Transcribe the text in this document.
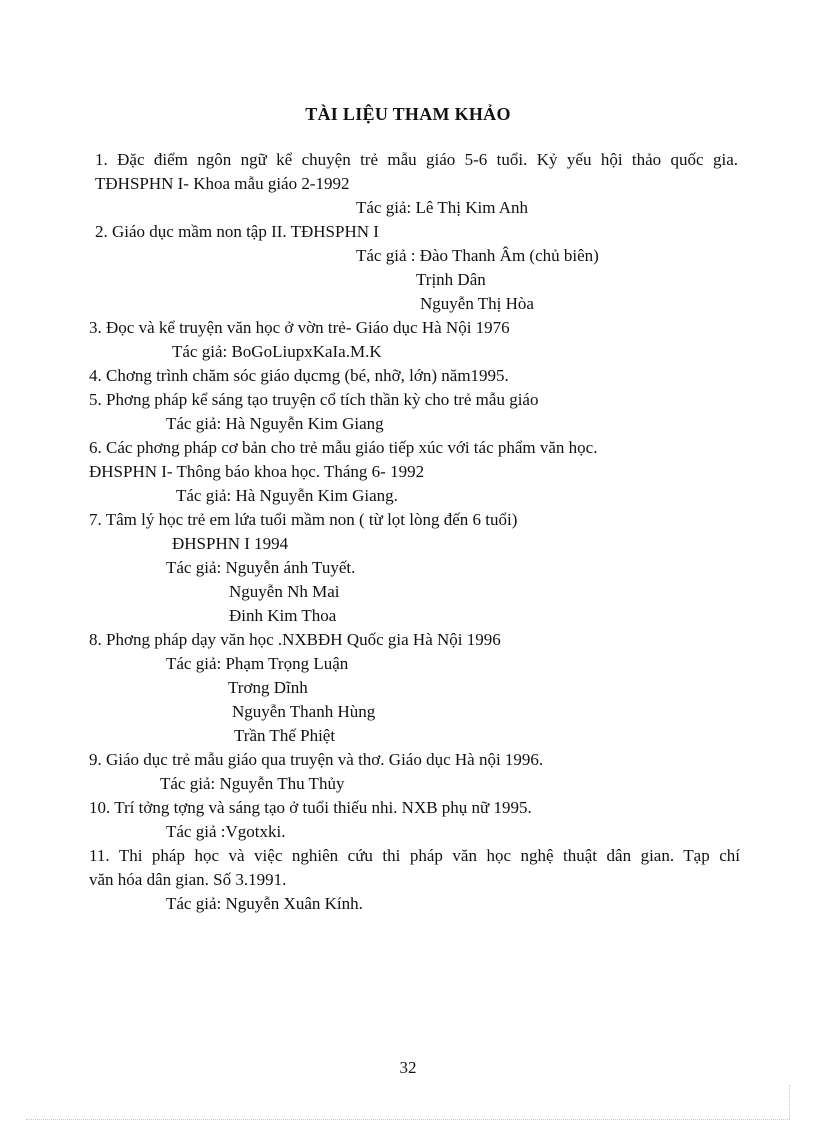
TÀI LIỆU THAM KHẢO
1. Đặc điểm ngôn ngữ kể chuyện trẻ mẫu giáo 5-6 tuổi. Kỷ yếu hội thảo quốc gia.
TĐHSPHN I- Khoa mẫu giáo 2-1992
Tác giả: Lê Thị Kim Anh
2. Giáo dục mầm non tập II. TĐHSPHN I
Tác giả : Đào Thanh Âm (chủ biên)
Trịnh Dân
Nguyễn Thị Hòa
3. Đọc và kể truyện văn học ở vờn trẻ- Giáo dục Hà Nội 1976
Tác giả: BoGoLiupxKaIa.M.K
4. Chơng trình chăm sóc giáo dụcmg (bé, nhỡ, lớn) năm1995.
5. Phơng pháp kể sáng tạo truyện cổ tích thần kỳ cho trẻ mẫu giáo
Tác giả: Hà Nguyễn Kim Giang
6. Các phơng pháp cơ bản cho trẻ mẫu giáo tiếp xúc với tác phẩm văn học.
ĐHSPHN I- Thông báo khoa học. Tháng 6- 1992
Tác giả: Hà Nguyễn Kim Giang.
7. Tâm lý học trẻ em lứa tuổi mầm non ( từ lọt lòng đến 6 tuổi)
ĐHSPHN I 1994
Tác giả: Nguyễn ánh Tuyết.
Nguyễn Nh Mai
Đinh Kim Thoa
8. Phơng pháp dạy văn học .NXBĐH Quốc gia Hà Nội 1996
Tác giả: Phạm Trọng Luận
Trơng Dĩnh
Nguyễn Thanh Hùng
Trần Thế Phiệt
9. Giáo dục trẻ mẫu giáo qua truyện và thơ. Giáo dục Hà nội 1996.
Tác giả: Nguyễn Thu Thủy
10. Trí tởng tợng và sáng tạo ở tuổi thiếu nhi. NXB phụ nữ 1995.
Tác giả :Vgotxki.
11. Thi pháp học và việc nghiên cứu thi pháp văn học nghệ thuật dân gian. Tạp chí
văn hóa dân gian. Số 3.1991.
Tác giả: Nguyễn Xuân Kính.
32
